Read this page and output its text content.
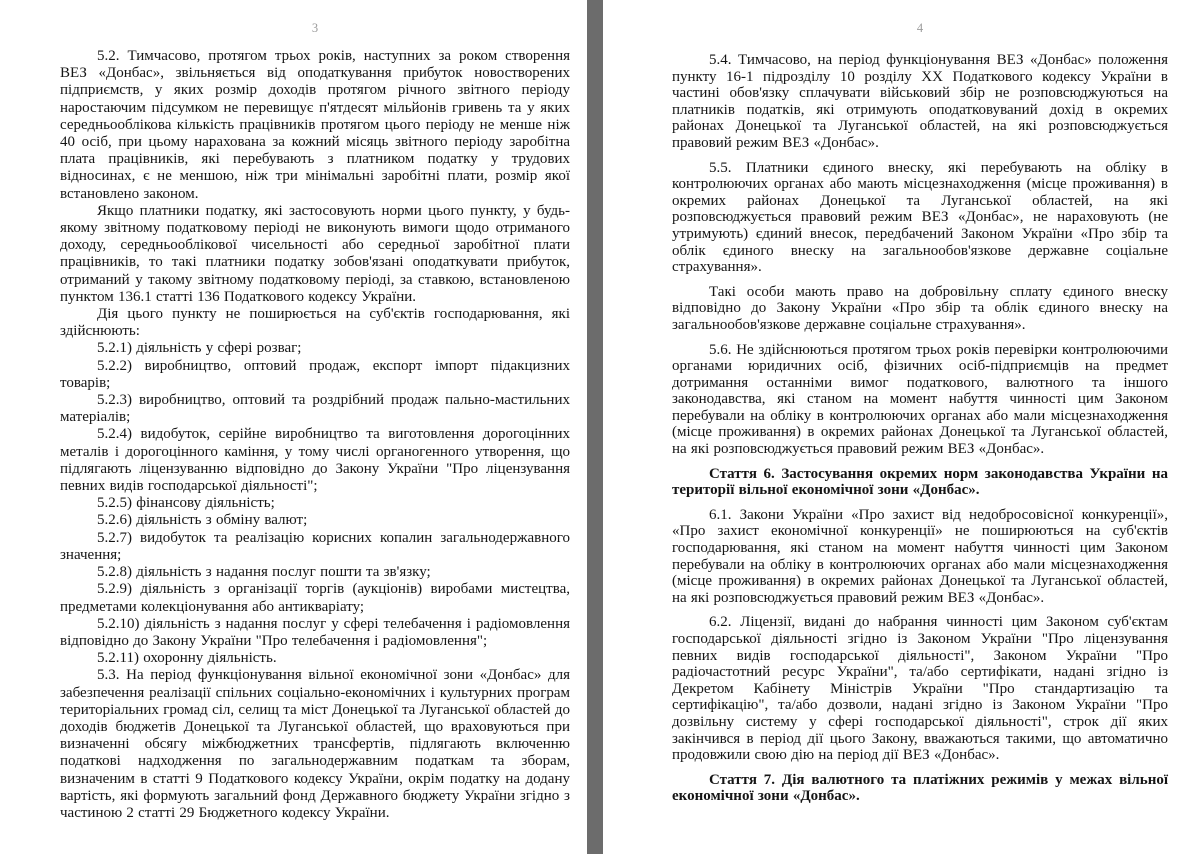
3

5.2. Тимчасово, протягом трьох років, наступних за роком створення ВЕЗ «Донбас», звільняється від оподаткування прибуток новостворених підприємств, у яких розмір доходів протягом річного звітного періоду наростаючим підсумком не перевищує п'ятдесят мільйонів гривень та у яких середньооблікова кількість працівників протягом цього періоду не менше ніж 40 осіб, при цьому нарахована за кожний місяць звітного періоду заробітна плата працівників, які перебувають з платником податку у трудових відносинах, є не меншою, ніж три мінімальні заробітні плати, розмір якої встановлено законом.

Якщо платники податку, які застосовують норми цього пункту, у будь-якому звітному податковому періоді не виконують вимоги щодо отриманого доходу, середньооблікової чисельності або середньої заробітної плати працівників, то такі платники податку зобов'язані оподаткувати прибуток, отриманий у такому звітному податковому періоді, за ставкою, встановленою пунктом 136.1 статті 136 Податкового кодексу України.

Дія цього пункту не поширюється на суб'єктів господарювання, які здійснюють:

5.2.1) діяльність у сфері розваг;

5.2.2) виробництво, оптовий продаж, експорт імпорт підакцизних товарів;

5.2.3) виробництво, оптовий та роздрібний продаж пально-мастильних матеріалів;

5.2.4) видобуток, серійне виробництво та виготовлення дорогоцінних металів і дорогоцінного каміння, у тому числі органогенного утворення, що підлягають ліцензуванню відповідно до Закону України "Про ліцензування певних видів господарської діяльності";

5.2.5) фінансову діяльність;

5.2.6) діяльність з обміну валют;

5.2.7) видобуток та реалізацію корисних копалин загальнодержавного значення;

5.2.8) діяльність з надання послуг пошти та зв'язку;

5.2.9) діяльність з організації торгів (аукціонів) виробами мистецтва, предметами колекціонування або антикваріату;

5.2.10) діяльність з надання послуг у сфері телебачення і радіомовлення відповідно до Закону України "Про телебачення і радіомовлення";

5.2.11) охоронну діяльність.

5.3. На період функціонування вільної економічної зони «Донбас» для забезпечення реалізації спільних соціально-економічних і культурних програм територіальних громад сіл, селищ та міст Донецької та Луганської областей до доходів бюджетів Донецької та Луганської областей, що враховуються при визначенні обсягу міжбюджетних трансфертів, підлягають включенню податкові надходження по загальнодержавним податкам та зборам, визначеним в статті 9 Податкового кодексу України, окрім податку на додану вартість, які формують загальний фонд Державного бюджету України згідно з частиною 2 статті 29 Бюджетного кодексу України.

4

5.4. Тимчасово, на період функціонування ВЕЗ «Донбас» положення пункту 16-1 підрозділу 10 розділу XX Податкового кодексу України в частині обов'язку сплачувати військовий збір не розповсюджуються на платників податків, які отримують оподатковуваний дохід в окремих районах Донецької та Луганської областей, на які розповсюджується правовий режим ВЕЗ «Донбас».

5.5. Платники єдиного внеску, які перебувають на обліку в контролюючих органах або мають місцезнаходження (місце проживання) в окремих районах Донецької та Луганської областей, на які розповсюджується правовий режим ВЕЗ «Донбас», не нараховують (не утримують) єдиний внесок, передбачений Законом України «Про збір та облік єдиного внеску на загальнообов'язкове державне соціальне страхування».

Такі особи мають право на добровільну сплату єдиного внеску відповідно до Закону України «Про збір та облік єдиного внеску на загальнообов'язкове державне соціальне страхування».

5.6. Не здійснюються протягом трьох років перевірки контролюючими органами юридичних осіб, фізичних осіб-підприємців на предмет дотримання останніми вимог податкового, валютного та іншого законодавства, які станом на момент набуття чинності цим Законом перебували на обліку в контролюючих органах або мали місцезнаходження (місце проживання) в окремих районах Донецької та Луганської областей, на які розповсюджується правовий режим ВЕЗ «Донбас».

Стаття 6. Застосування окремих норм законодавства України на території вільної економічної зони «Донбас».

6.1. Закони України «Про захист від недобросовісної конкуренції», «Про захист економічної конкуренції» не поширюються на суб'єктів господарювання, які станом на момент набуття чинності цим Законом перебували на обліку в контролюючих органах або мали місцезнаходження (місце проживання) в окремих районах Донецької та Луганської областей, на які розповсюджується правовий режим ВЕЗ «Донбас».

6.2. Ліцензії, видані до набрання чинності цим Законом суб'єктам господарської діяльності згідно із Законом України "Про ліцензування певних видів господарської діяльності", Законом України "Про радіочастотний ресурс України", та/або сертифікати, надані згідно із Декретом Кабінету Міністрів України "Про стандартизацію та сертифікацію", та/або дозволи, надані згідно із Законом України "Про дозвільну систему у сфері господарської діяльності", строк дії яких закінчився в період дії цього Закону, вважаються такими, що автоматично продовжили свою дію на період дії ВЕЗ «Донбас».

Стаття 7. Дія валютного та платіжних режимів у межах вільної економічної зони «Донбас».
